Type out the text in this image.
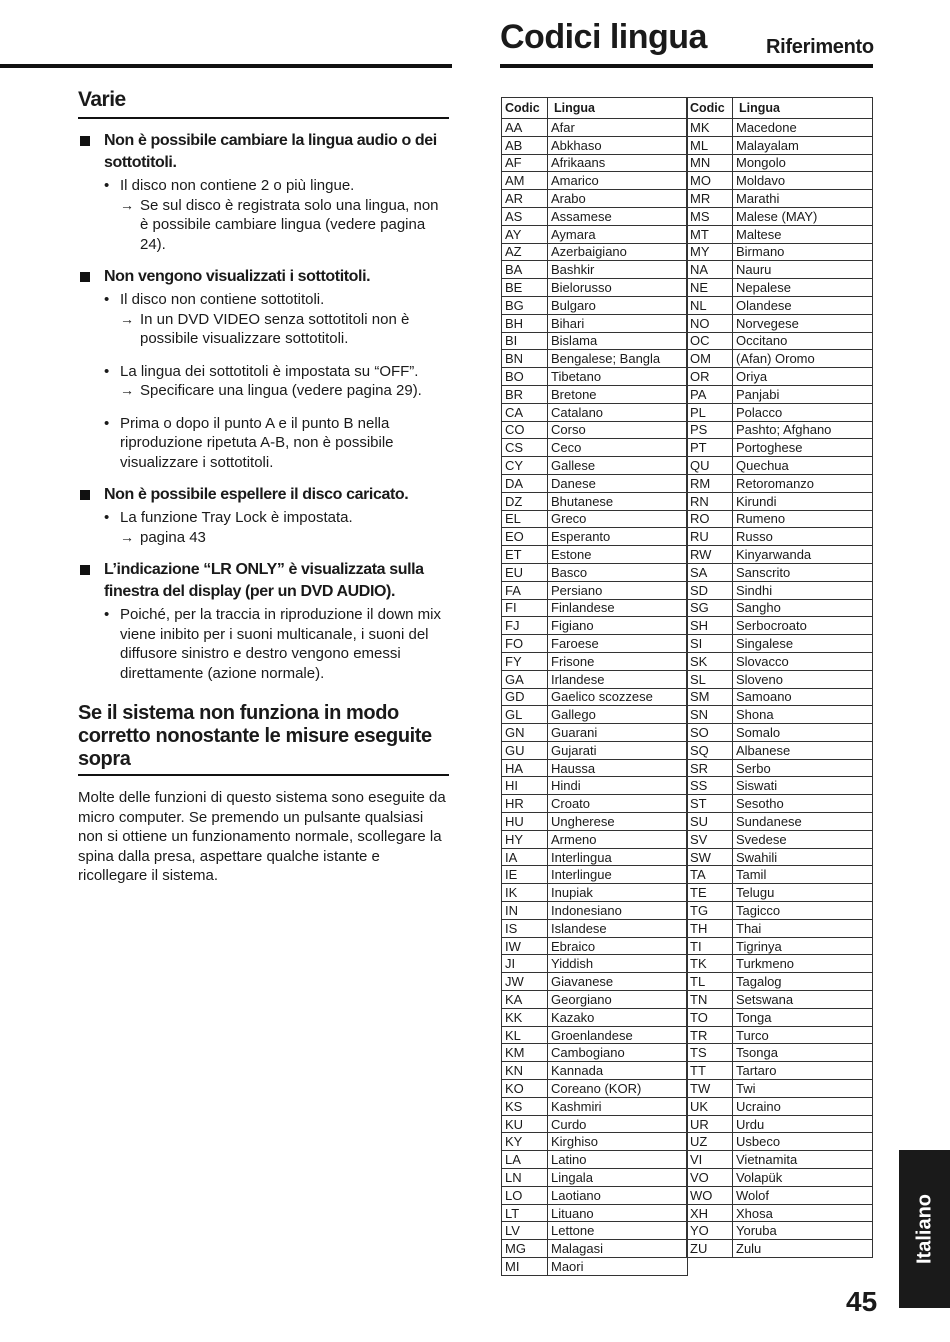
Varie
Non è possibile cambiare la lingua audio o dei sottotitoli.
• Il disco non contiene 2 o più lingue.
→ Se sul disco è registrata solo una lingua, non è possibile cambiare lingua (vedere pagina 24).
Non vengono visualizzati i sottotitoli.
• Il disco non contiene sottotitoli.
→ In un DVD VIDEO senza sottotitoli non è possibile visualizzare sottotitoli.
• La lingua dei sottotitoli è impostata su “OFF”.
→ Specificare una lingua (vedere pagina 29).
• Prima o dopo il punto A e il punto B nella riproduzione ripetuta A-B, non è possibile visualizzare i sottotitoli.
Non è possibile espellere il disco caricato.
• La funzione Tray Lock è impostata.
→ pagina 43
L’indicazione “LR ONLY” è visualizzata sulla finestra del display (per un DVD AUDIO).
• Poiché, per la traccia in riproduzione il down mix viene inibito per i suoni multicanale, i suoni del diffusore sinistro e destro vengono emessi direttamente (azione normale).
Se il sistema non funziona in modo corretto nonostante le misure eseguite sopra
Molte delle funzioni di questo sistema sono eseguite da micro computer. Se premendo un pulsante qualsiasi non si ottiene un funzionamento normale, scollegare la spina dalla presa, aspettare qualche istante e ricollegare il sistema.
Codici lingua	Riferimento
Codic	Lingua
AA	Afar
AB	Abkhaso
AF	Afrikaans
AM	Amarico
AR	Arabo
AS	Assamese
AY	Aymara
AZ	Azerbaigiano
BA	Bashkir
BE	Bielorusso
BG	Bulgaro
BH	Bihari
BI	Bislama
BN	Bengalese; Bangla
BO	Tibetano
BR	Bretone
CA	Catalano
CO	Corso
CS	Ceco
CY	Gallese
DA	Danese
DZ	Bhutanese
EL	Greco
EO	Esperanto
ET	Estone
EU	Basco
FA	Persiano
FI	Finlandese
FJ	Figiano
FO	Faroese
FY	Frisone
GA	Irlandese
GD	Gaelico scozzese
GL	Gallego
GN	Guarani
GU	Gujarati
HA	Haussa
HI	Hindi
HR	Croato
HU	Ungherese
HY	Armeno
IA	Interlingua
IE	Interlingue
IK	Inupiak
IN	Indonesiano
IS	Islandese
IW	Ebraico
JI	Yiddish
JW	Giavanese
KA	Georgiano
KK	Kazako
KL	Groenlandese
KM	Cambogiano
KN	Kannada
KO	Coreano (KOR)
KS	Kashmiri
KU	Curdo
KY	Kirghiso
LA	Latino
LN	Lingala
LO	Laotiano
LT	Lituano
LV	Lettone
MG	Malagasi
MI	Maori
Codic	Lingua
MK	Macedone
ML	Malayalam
MN	Mongolo
MO	Moldavo
MR	Marathi
MS	Malese (MAY)
MT	Maltese
MY	Birmano
NA	Nauru
NE	Nepalese
NL	Olandese
NO	Norvegese
OC	Occitano
OM	(Afan) Oromo
OR	Oriya
PA	Panjabi
PL	Polacco
PS	Pashto; Afghano
PT	Portoghese
QU	Quechua
RM	Retoromanzo
RN	Kirundi
RO	Rumeno
RU	Russo
RW	Kinyarwanda
SA	Sanscrito
SD	Sindhi
SG	Sangho
SH	Serbocroato
SI	Singalese
SK	Slovacco
SL	Sloveno
SM	Samoano
SN	Shona
SO	Somalo
SQ	Albanese
SR	Serbo
SS	Siswati
ST	Sesotho
SU	Sundanese
SV	Svedese
SW	Swahili
TA	Tamil
TE	Telugu
TG	Tagicco
TH	Thai
TI	Tigrinya
TK	Turkmeno
TL	Tagalog
TN	Setswana
TO	Tonga
TR	Turco
TS	Tsonga
TT	Tartaro
TW	Twi
UK	Ucraino
UR	Urdu
UZ	Usbeco
VI	Vietnamita
VO	Volapük
WO	Wolof
XH	Xhosa
YO	Yoruba
ZU	Zulu	Italiano
45
